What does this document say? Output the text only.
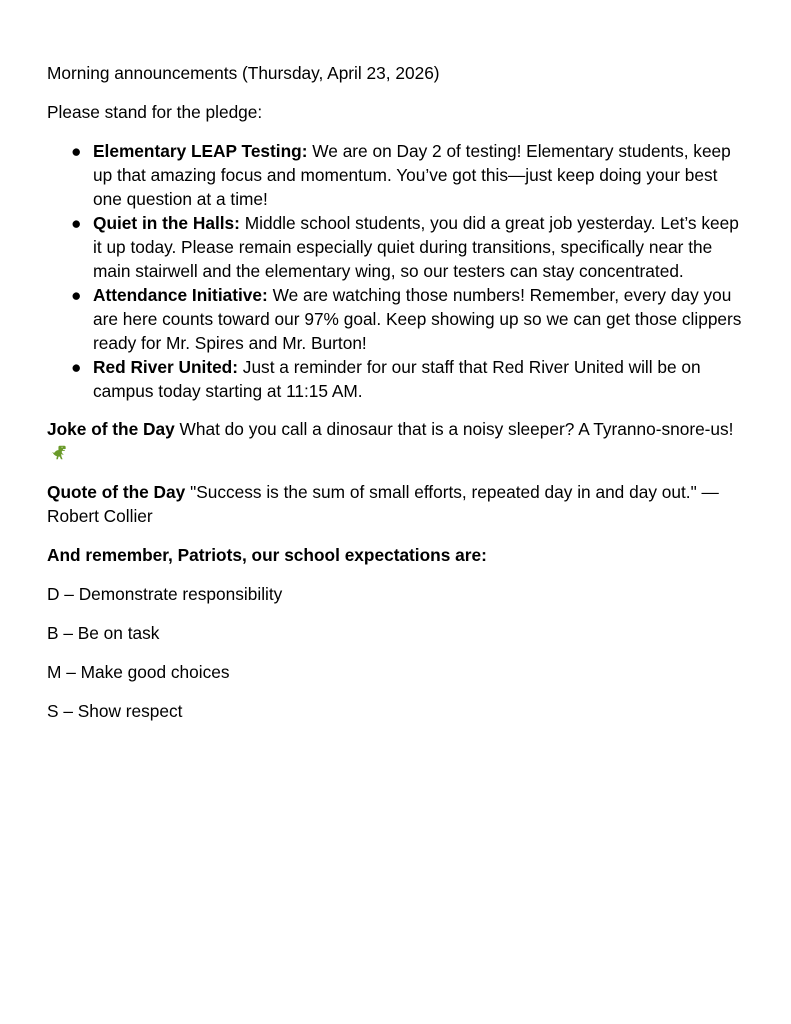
Morning announcements (Thursday, April 23, 2026)

Please stand for the pledge:

● Elementary LEAP Testing: We are on Day 2 of testing! Elementary students, keep up that amazing focus and momentum. You’ve got this—just keep doing your best one question at a time!
● Quiet in the Halls: Middle school students, you did a great job yesterday. Let’s keep it up today. Please remain especially quiet during transitions, specifically near the main stairwell and the elementary wing, so our testers can stay concentrated.
● Attendance Initiative: We are watching those numbers! Remember, every day you are here counts toward our 97% goal. Keep showing up so we can get those clippers ready for Mr. Spires and Mr. Burton!
● Red River United: Just a reminder for our staff that Red River United will be on campus today starting at 11:15 AM.

Joke of the Day What do you call a dinosaur that is a noisy sleeper? A Tyranno-snore-us!

Quote of the Day "Success is the sum of small efforts, repeated day in and day out." — Robert Collier

And remember, Patriots, our school expectations are:

D – Demonstrate responsibility

B – Be on task

M – Make good choices

S – Show respect
